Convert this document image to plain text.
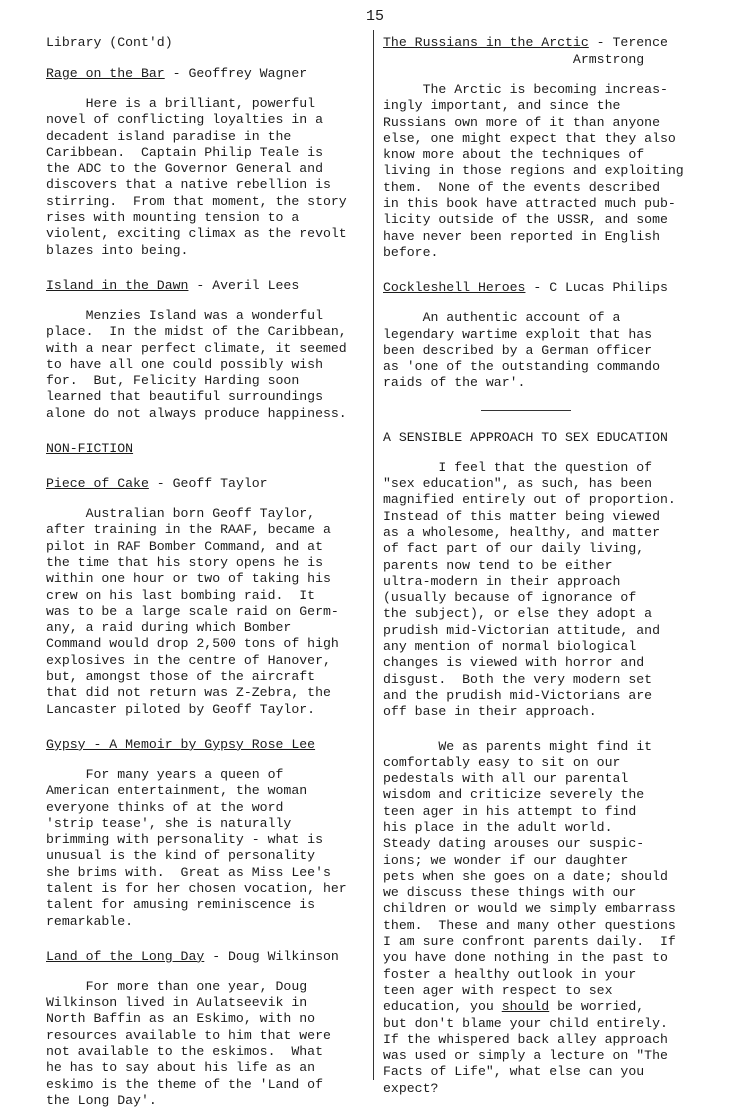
15

Library (Cont'd)

Rage on the Bar - Geoffrey Wagner

Here is a brilliant, powerful
novel of conflicting loyalties in a
decadent island paradise in the
Caribbean.  Captain Philip Teale is
the ADC to the Governor General and
discovers that a native rebellion is
stirring.  From that moment, the story
rises with mounting tension to a
violent, exciting climax as the revolt
blazes into being.

Island in the Dawn - Averil Lees

Menzies Island was a wonderful
place.  In the midst of the Caribbean,
with a near perfect climate, it seemed
to have all one could possibly wish
for.  But, Felicity Harding soon
learned that beautiful surroundings
alone do not always produce happiness.

NON-FICTION

Piece of Cake - Geoff Taylor

Australian born Geoff Taylor,
after training in the RAAF, became a
pilot in RAF Bomber Command, and at
the time that his story opens he is
within one hour or two of taking his
crew on his last bombing raid.  It
was to be a large scale raid on Germ-
any, a raid during which Bomber
Command would drop 2,500 tons of high
explosives in the centre of Hanover,
but, amongst those of the aircraft
that did not return was Z-Zebra, the
Lancaster piloted by Geoff Taylor.

Gypsy - A Memoir by Gypsy Rose Lee

For many years a queen of
American entertainment, the woman
everyone thinks of at the word
'strip tease', she is naturally
brimming with personality - what is
unusual is the kind of personality
she brims with.  Great as Miss Lee's
talent is for her chosen vocation, her
talent for amusing reminiscence is
remarkable.

Land of the Long Day - Doug Wilkinson

For more than one year, Doug
Wilkinson lived in Aulatseevik in
North Baffin as an Eskimo, with no
resources available to him that were
not available to the eskimos.  What
he has to say about his life as an
eskimo is the theme of the 'Land of
the Long Day'.

The Russians in the Arctic - Terence
Armstrong

The Arctic is becoming increas-
ingly important, and since the
Russians own more of it than anyone
else, one might expect that they also
know more about the techniques of
living in those regions and exploiting
them.  None of the events described
in this book have attracted much pub-
licity outside of the USSR, and some
have never been reported in English
before.

Cockleshell Heroes - C Lucas Philips

An authentic account of a
legendary wartime exploit that has
been described by a German officer
as 'one of the outstanding commando
raids of the war'.

A SENSIBLE APPROACH TO SEX EDUCATION

I feel that the question of
"sex education", as such, has been
magnified entirely out of proportion.
Instead of this matter being viewed
as a wholesome, healthy, and matter
of fact part of our daily living,
parents now tend to be either
ultra-modern in their approach
(usually because of ignorance of
the subject), or else they adopt a
prudish mid-Victorian attitude, and
any mention of normal biological
changes is viewed with horror and
disgust.  Both the very modern set
and the prudish mid-Victorians are
off base in their approach.

We as parents might find it
comfortably easy to sit on our
pedestals with all our parental
wisdom and criticize severely the
teen ager in his attempt to find
his place in the adult world.
Steady dating arouses our suspic-
ions; we wonder if our daughter
pets when she goes on a date; should
we discuss these things with our
children or would we simply embarrass
them.  These and many other questions
I am sure confront parents daily.  If
you have done nothing in the past to
foster a healthy outlook in your
teen ager with respect to sex
education, you should be worried,
but don't blame your child entirely.
If the whispered back alley approach
was used or simply a lecture on "The
Facts of Life", what else can you
expect?
